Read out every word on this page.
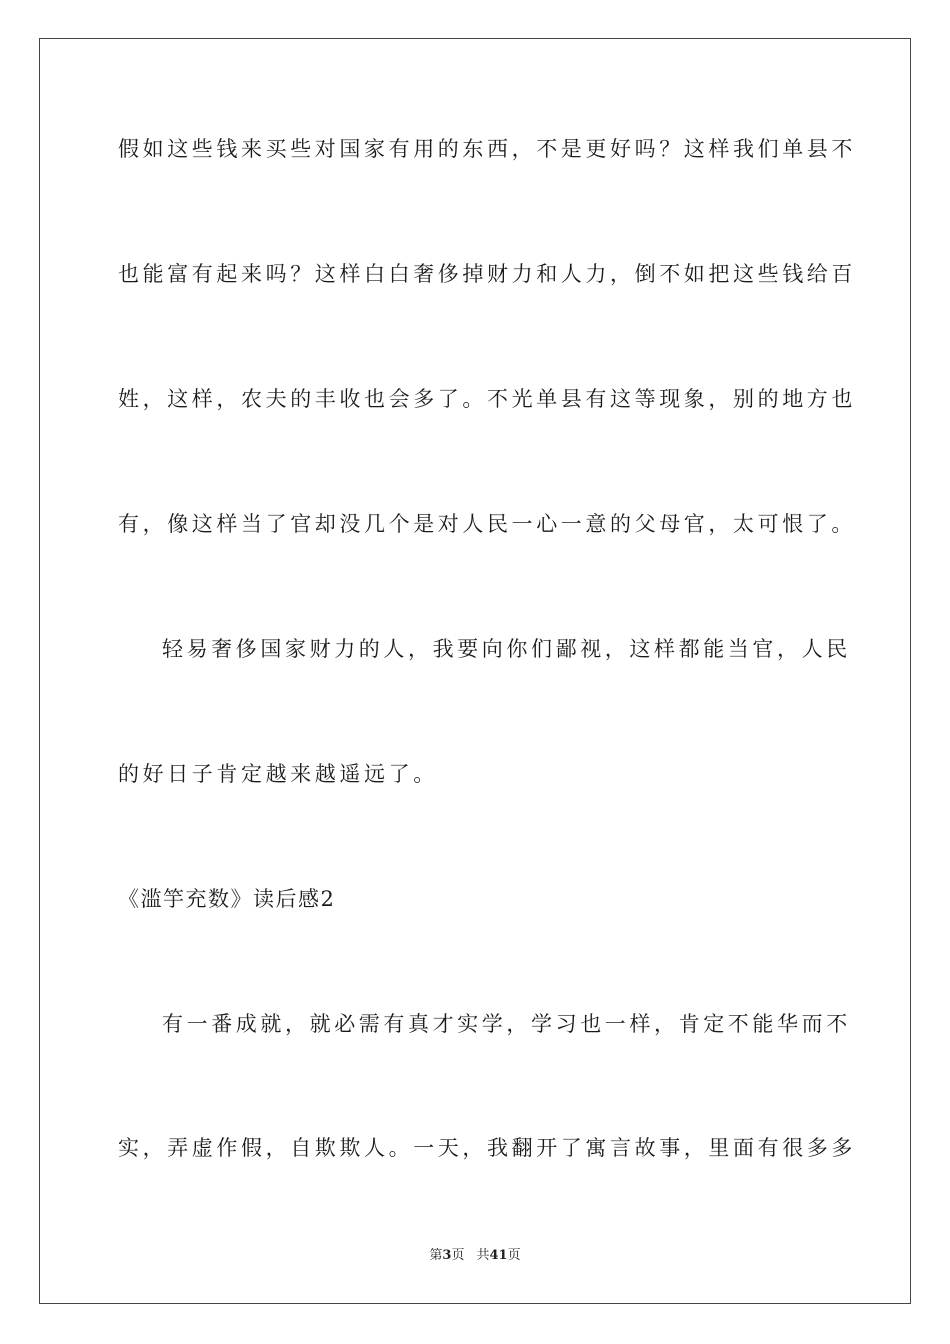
假如这些钱来买些对国家有用的东西，不是更好吗？这样我们单县不
也能富有起来吗？这样白白奢侈掉财力和人力，倒不如把这些钱给百
姓，这样，农夫的丰收也会多了。不光单县有这等现象，别的地方也
有，像这样当了官却没几个是对人民一心一意的父母官，太可恨了。
轻易奢侈国家财力的人，我要向你们鄙视，这样都能当官，人民
的好日子肯定越来越遥远了。
《滥竽充数》读后感2
有一番成就，就必需有真才实学，学习也一样，肯定不能华而不
实，弄虚作假，自欺欺人。一天，我翻开了寓言故事，里面有很多多
第3页 共41页
